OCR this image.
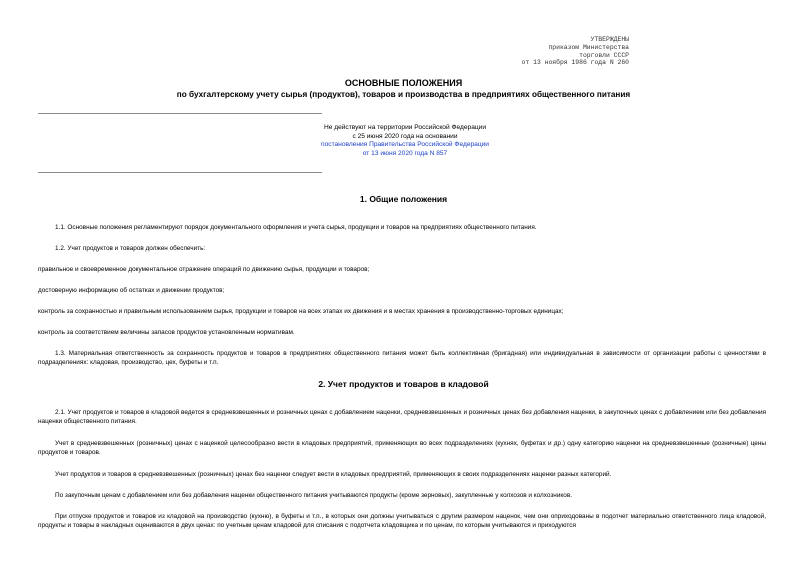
УТВЕРЖДЕНЫ
приказом Министерства
торговли СССР
от 13 ноября 1986 года N 260
ОСНОВНЫЕ ПОЛОЖЕНИЯ
по бухгалтерскому учету сырья (продуктов), товаров и производства в предприятиях общественного питания
Не действуют на территории Российской Федерации
с 25 июня 2020 года на основании
постановления Правительства Российской Федерации
от 13 июня 2020 года N 857
1. Общие положения
1.1. Основные положения регламентируют порядок документального оформления и учета сырья, продукции и товаров на предприятиях общественного питания.
1.2. Учет продуктов и товаров должен обеспечить:
правильное и своевременное документальное отражение операций по движению сырья, продукции и товаров;
достоверную информацию об остатках и движении продуктов;
контроль за сохранностью и правильным использованием сырья, продукции и товаров на всех этапах их движения и в местах хранения в производственно-торговых единицах;
контроль за соответствием величины запасов продуктов установленным нормативам.
1.3. Материальная ответственность за сохранность продуктов и товаров в предприятиях общественного питания может быть коллективная (бригадная) или индивидуальная в зависимости от организации работы с ценностями в подразделениях: кладовая, производство, цех, буфеты и т.п.
2. Учет продуктов и товаров в кладовой
2.1. Учет продуктов и товаров в кладовой ведется в средневзвешенных и розничных ценах с добавлением наценки, средневзвешенных и розничных ценах без добавления наценки, в закупочных ценах с добавлением или без добавления наценки общественного питания.
Учет в средневзвешенных (розничных) ценах с наценкой целесообразно вести в кладовых предприятий, применяющих во всех подразделениях (кухнях, буфетах и др.) одну категорию наценки на средневзвешенные (розничные) цены продуктов и товаров.
Учет продуктов и товаров в средневзвешенных (розничных) ценах без наценки следует вести в кладовых предприятий, применяющих в своих подразделениях наценки разных категорий.
По закупочным ценам с добавлением или без добавления наценки общественного питания учитываются продукты (кроме зерновых), закупленные у колхозов и колхозников.
При отпуске продуктов и товаров из кладовой на производство (кухню), в буфеты и т.п., в которых они должны учитываться с другим размером наценок, чем они оприходованы в подотчет материально ответственного лица кладовой, продукты и товары в накладных оцениваются в двух ценах: по учетным ценам кладовой для списания с подотчета кладовщика и по ценам, по которым учитываются и приходуются
